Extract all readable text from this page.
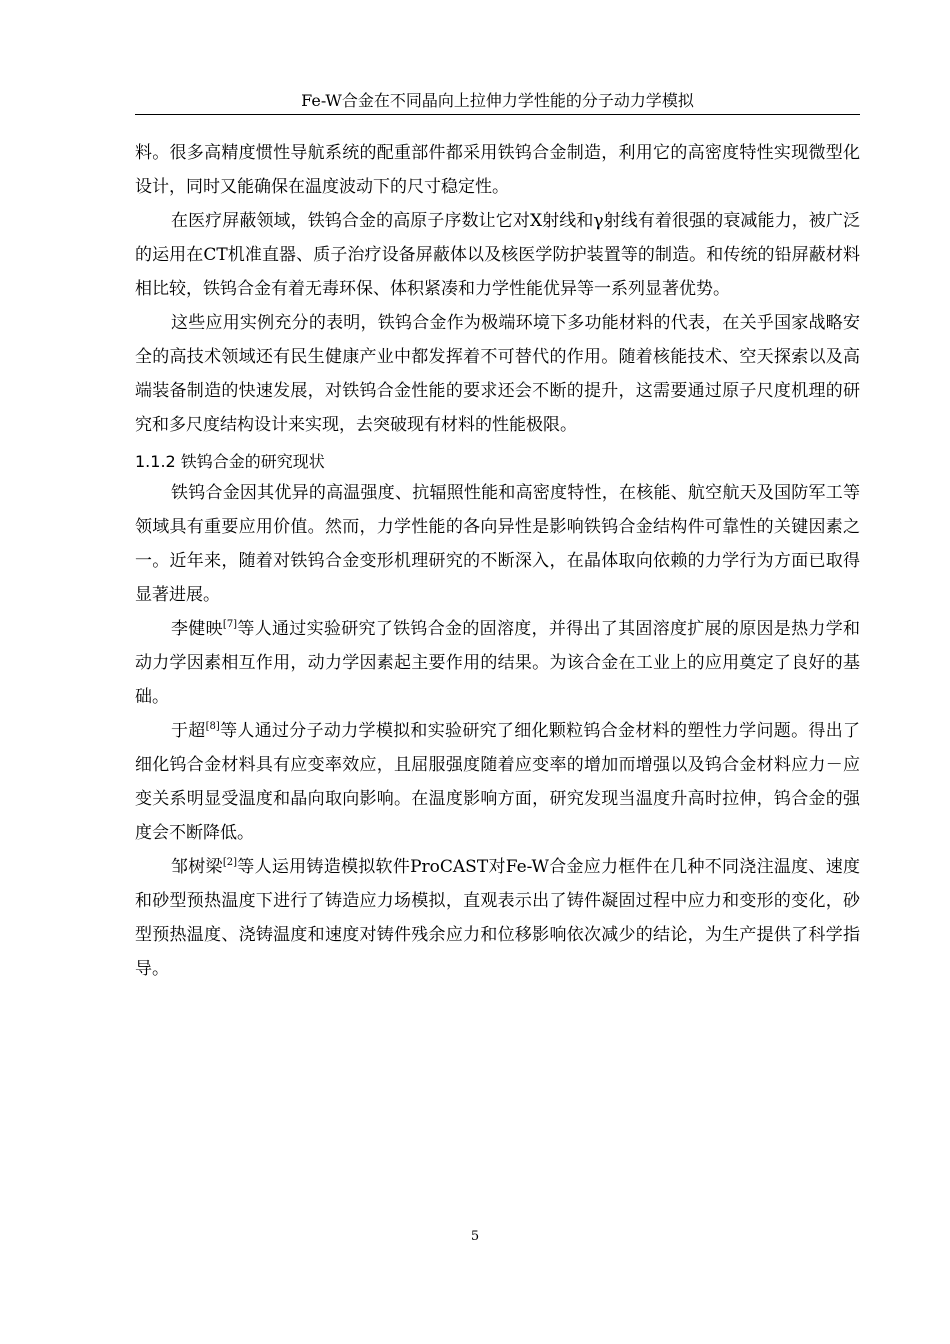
Fe-W合金在不同晶向上拉伸力学性能的分子动力学模拟

料。很多高精度惯性导航系统的配重部件都采用铁钨合金制造，利用它的高密度特性实现微型化设计，同时又能确保在温度波动下的尺寸稳定性。

在医疗屏蔽领域，铁钨合金的高原子序数让它对X射线和γ射线有着很强的衰减能力，被广泛的运用在CT机准直器、质子治疗设备屏蔽体以及核医学防护装置等的制造。和传统的铅屏蔽材料相比较，铁钨合金有着无毒环保、体积紧凑和力学性能优异等一系列显著优势。

这些应用实例充分的表明，铁钨合金作为极端环境下多功能材料的代表，在关乎国家战略安全的高技术领域还有民生健康产业中都发挥着不可替代的作用。随着核能技术、空天探索以及高端装备制造的快速发展，对铁钨合金性能的要求还会不断的提升，这需要通过原子尺度机理的研究和多尺度结构设计来实现，去突破现有材料的性能极限。

1.1.2 铁钨合金的研究现状

铁钨合金因其优异的高温强度、抗辐照性能和高密度特性，在核能、航空航天及国防军工等领域具有重要应用价值。然而，力学性能的各向异性是影响铁钨合金结构件可靠性的关键因素之一。近年来，随着对铁钨合金变形机理研究的不断深入，在晶体取向依赖的力学行为方面已取得显著进展。

李健映[7]等人通过实验研究了铁钨合金的固溶度，并得出了其固溶度扩展的原因是热力学和动力学因素相互作用，动力学因素起主要作用的结果。为该合金在工业上的应用奠定了良好的基础。

于超[8]等人通过分子动力学模拟和实验研究了细化颗粒钨合金材料的塑性力学问题。得出了细化钨合金材料具有应变率效应，且屈服强度随着应变率的增加而增强以及钨合金材料应力－应变关系明显受温度和晶向取向影响。在温度影响方面，研究发现当温度升高时拉伸，钨合金的强度会不断降低。

邹树梁[2]等人运用铸造模拟软件ProCAST对Fe-W合金应力框件在几种不同浇注温度、速度和砂型预热温度下进行了铸造应力场模拟，直观表示出了铸件凝固过程中应力和变形的变化，砂型预热温度、浇铸温度和速度对铸件残余应力和位移影响依次减少的结论，为生产提供了科学指导。

5
